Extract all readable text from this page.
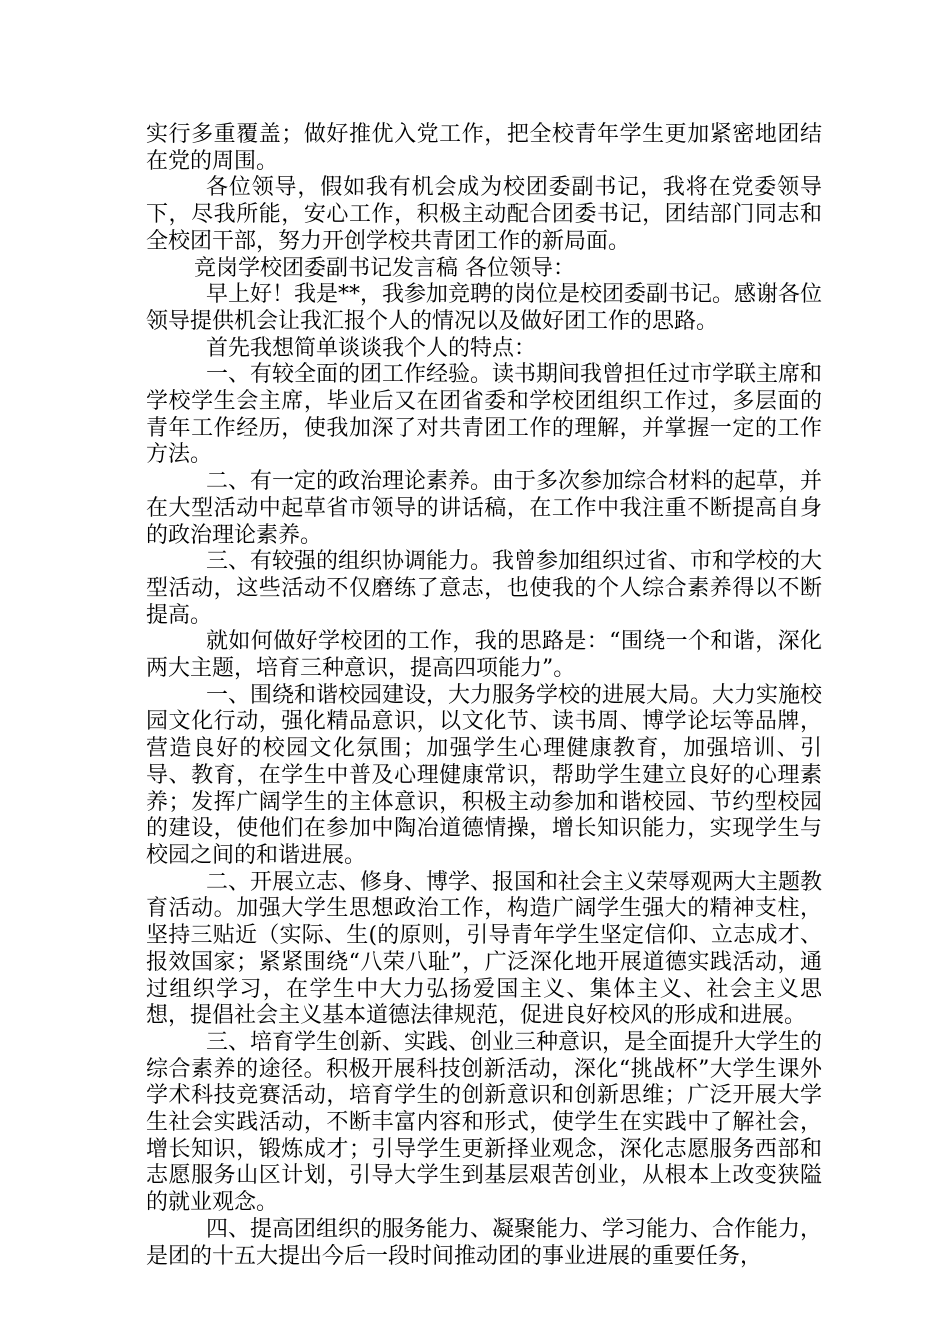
实行多重覆盖；做好推优入党工作，把全校青年学生更加紧密地团结在党的周围。

各位领导，假如我有机会成为校团委副书记，我将在党委领导下，尽我所能，安心工作，积极主动配合团委书记，团结部门同志和全校团干部，努力开创学校共青团工作的新局面。

竞岗学校团委副书记发言稿 各位领导：

早上好！我是**，我参加竞聘的岗位是校团委副书记。感谢各位领导提供机会让我汇报个人的情况以及做好团工作的思路。

首先我想简单谈谈我个人的特点：

一、有较全面的团工作经验。读书期间我曾担任过市学联主席和学校学生会主席，毕业后又在团省委和学校团组织工作过，多层面的青年工作经历，使我加深了对共青团工作的理解，并掌握一定的工作方法。

二、有一定的政治理论素养。由于多次参加综合材料的起草，并在大型活动中起草省市领导的讲话稿，在工作中我注重不断提高自身的政治理论素养。

三、有较强的组织协调能力。我曾参加组织过省、市和学校的大型活动，这些活动不仅磨练了意志，也使我的个人综合素养得以不断提高。

就如何做好学校团的工作，我的思路是：“围绕一个和谐，深化两大主题，培育三种意识，提高四项能力”。

一、围绕和谐校园建设，大力服务学校的进展大局。大力实施校园文化行动，强化精品意识，以文化节、读书周、博学论坛等品牌，营造良好的校园文化氛围；加强学生心理健康教育，加强培训、引导、教育，在学生中普及心理健康常识，帮助学生建立良好的心理素养；发挥广阔学生的主体意识，积极主动参加和谐校园、节约型校园的建设，使他们在参加中陶冶道德情操，增长知识能力，实现学生与校园之间的和谐进展。

二、开展立志、修身、博学、报国和社会主义荣辱观两大主题教育活动。加强大学生思想政治工作，构造广阔学生强大的精神支柱，坚持三贴近（实际、生(的原则，引导青年学生坚定信仰、立志成才、报效国家；紧紧围绕“八荣八耻”，广泛深化地开展道德实践活动，通过组织学习，在学生中大力弘扬爱国主义、集体主义、社会主义思想，提倡社会主义基本道德法律规范，促进良好校风的形成和进展。

三、培育学生创新、实践、创业三种意识，是全面提升大学生的综合素养的途径。积极开展科技创新活动，深化“挑战杯”大学生课外学术科技竞赛活动，培育学生的创新意识和创新思维；广泛开展大学生社会实践活动，不断丰富内容和形式，使学生在实践中了解社会，增长知识，锻炼成才；引导学生更新择业观念，深化志愿服务西部和志愿服务山区计划，引导大学生到基层艰苦创业，从根本上改变狭隘的就业观念。

四、提高团组织的服务能力、凝聚能力、学习能力、合作能力，是团的十五大提出今后一段时间推动团的事业进展的重要任务，
